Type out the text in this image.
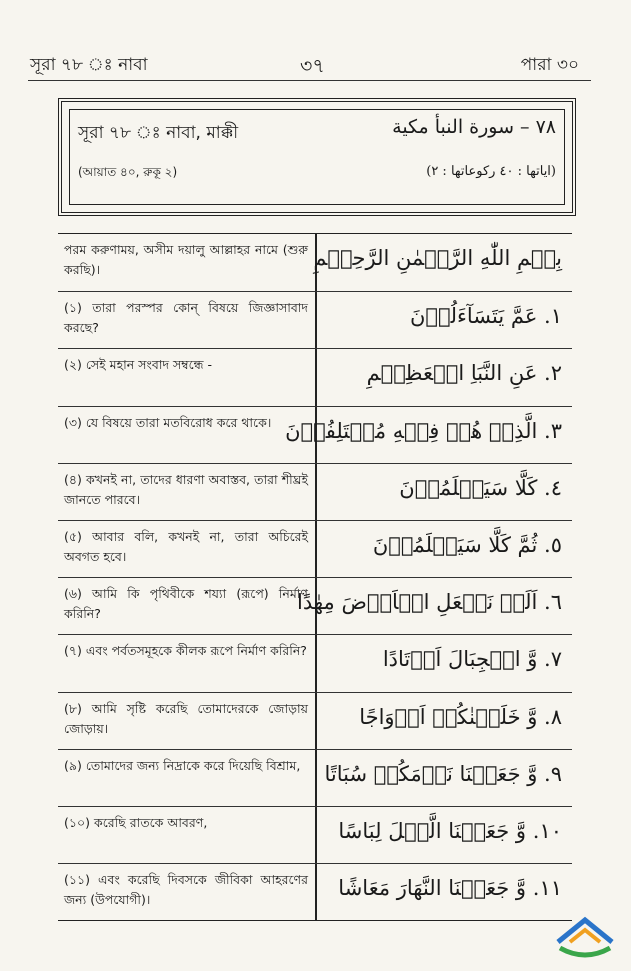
সূরা ৭৮ ঃ নাবা	৩৭	পারা ৩০
সূরা ৭৮ ঃ নাবা, মাক্কী
(আয়াত ৪০, রুকূ ২)
٧٨ – سورة النبأ مكية
(اياتها : ٤٠ ركوعاتها : ٢)
পরম করুণাময়, অসীম দয়ালু আল্লাহর নামে (শুরু করছি)।	بِسۡمِ اللّٰهِ الرَّحۡمٰنِ الرَّحِيۡمِ
(১) তারা পরস্পর কোন্ বিষয়ে জিজ্ঞাসাবাদ করছে?	١. عَمَّ يَتَسَآءَلُوۡنَ
(২) সেই মহান সংবাদ সম্বন্ধে -	٢. عَنِ النَّبَاِ الۡعَظِيۡمِ
(৩) যে বিষয়ে তারা মতবিরোধ করে থাকে। ٣. الَّذِىۡ هُمۡ فِيۡهِ مُخۡتَلِفُوۡنَ
(৪) কখনই না, তাদের ধারণা অবাস্তব, তারা শীঘ্রই জানতে পারবে।	٤. كَلَّا سَيَعۡلَمُوۡنَ
(৫) আবার বলি, কখনই না, তারা অচিরেই অবগত হবে।	٥. ثُمَّ كَلَّا سَيَعۡلَمُوۡنَ
(৬) আমি কি পৃথিবীকে শয্যা (রূপে) নির্মাণ করিনি?	٦. اَلَمۡ نَجۡعَلِ الۡاَرۡضَ مِهٰدًا
(৭) এবং পর্বতসমূহকে কীলক রূপে নির্মাণ করিনি?	٧. وَّ الۡجِبَالَ اَوۡتَادًا
(৮) আমি সৃষ্টি করেছি তোমাদেরকে জোড়ায় জোড়ায়।	٨. وَّ خَلَقۡنٰكُمۡ اَزۡوَاجًا
(৯) তোমাদের জন্য নিদ্রাকে করে দিয়েছি বিশ্রাম,	٩. وَّ جَعَلۡنَا نَوۡمَكُمۡ سُبَاتًا
(১০) করেছি রাতকে আবরণ,	١٠. وَّ جَعَلۡنَا الَّيۡلَ لِبَاسًا
(১১) এবং করেছি দিবসকে জীবিকা আহরণের জন্য (উপযোগী)।	١١. وَّ جَعَلۡنَا النَّهَارَ مَعَاشًا
